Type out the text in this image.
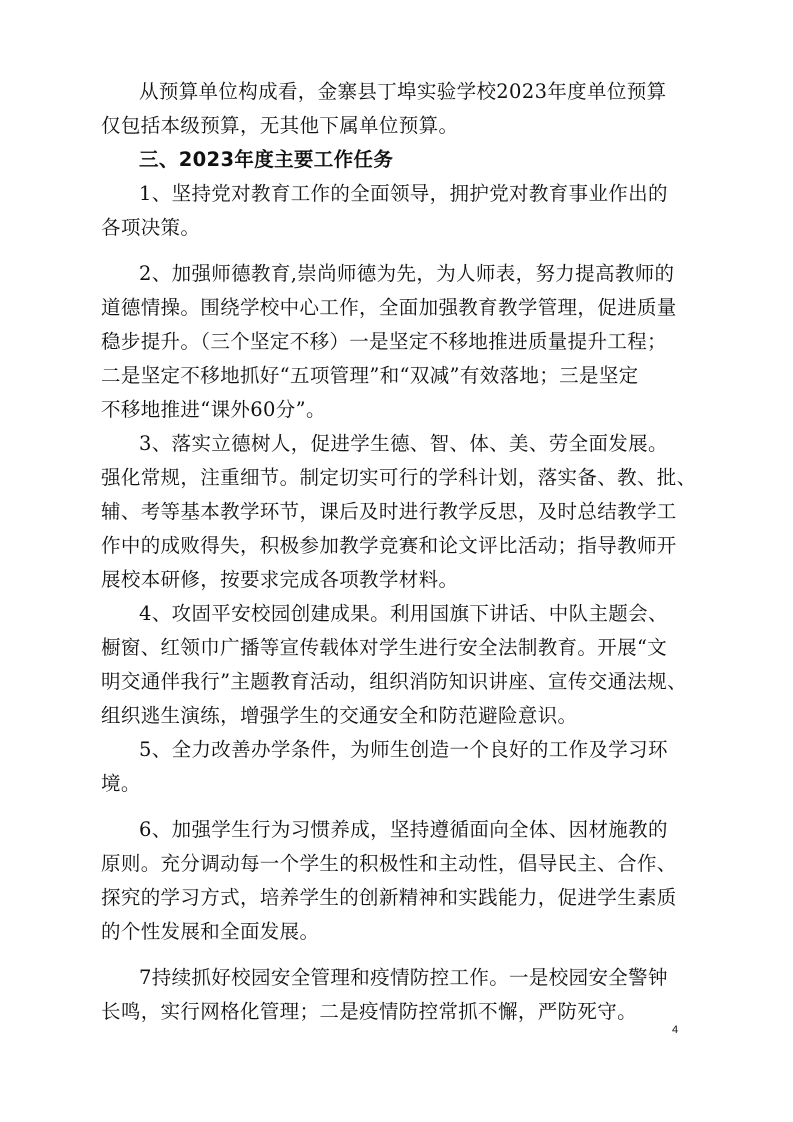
从预算单位构成看，金寨县丁埠实验学校2023年度单位预算
仅包括本级预算，无其他下属单位预算。
三、2023年度主要工作任务
1、坚持党对教育工作的全面领导，拥护党对教育事业作出的
各项决策。
2、加强师德教育,崇尚师德为先，为人师表，努力提高教师的
道德情操。围绕学校中心工作，全面加强教育教学管理，促进质量
稳步提升。（三个坚定不移）一是坚定不移地推进质量提升工程；
二是坚定不移地抓好“五项管理”和“双减”有效落地；三是坚定
不移地推进“课外60分”。
3、落实立德树人，促进学生德、智、体、美、劳全面发展。
强化常规，注重细节。制定切实可行的学科计划，落实备、教、批、
辅、考等基本教学环节，课后及时进行教学反思，及时总结教学工
作中的成败得失，积极参加教学竞赛和论文评比活动；指导教师开
展校本研修，按要求完成各项教学材料。
4、攻固平安校园创建成果。利用国旗下讲话、中队主题会、
橱窗、红领巾广播等宣传载体对学生进行安全法制教育。开展“文
明交通伴我行”主题教育活动，组织消防知识讲座、宣传交通法规、
组织逃生演练，增强学生的交通安全和防范避险意识。
5、全力改善办学条件，为师生创造一个良好的工作及学习环
境。
6、加强学生行为习惯养成，坚持遵循面向全体、因材施教的
原则。充分调动每一个学生的积极性和主动性，倡导民主、合作、
探究的学习方式，培养学生的创新精神和实践能力，促进学生素质
的个性发展和全面发展。
7持续抓好校园安全管理和疫情防控工作。一是校园安全警钟
长鸣，实行网格化管理；二是疫情防控常抓不懈，严防死守。
4
